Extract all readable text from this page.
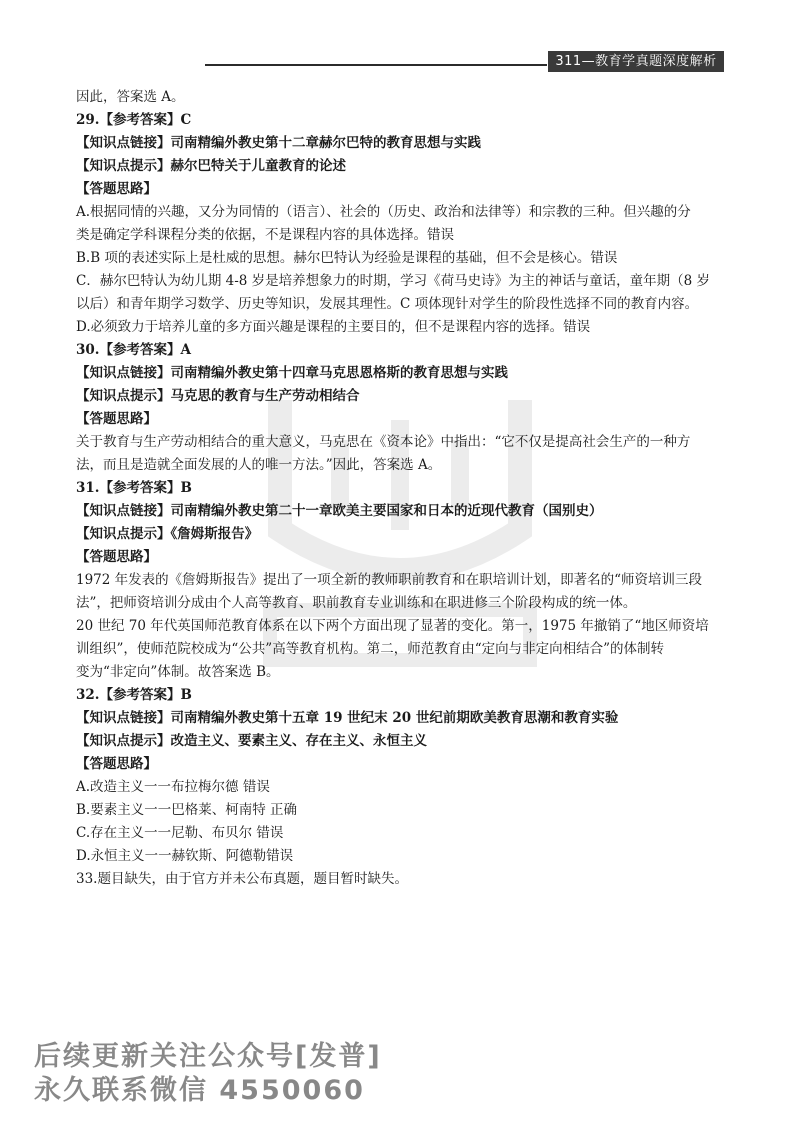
311—教育学真题深度解析
因此，答案选 A。
29.【参考答案】C
【知识点链接】司南精编外教史第十二章赫尔巴特的教育思想与实践
【知识点提示】赫尔巴特关于儿童教育的论述
【答题思路】
A.根据同情的兴趣，又分为同情的（语言）、社会的（历史、政治和法律等）和宗教的三种。但兴趣的分
类是确定学科课程分类的依据，不是课程内容的具体选择。错误
B.B 项的表述实际上是杜威的思想。赫尔巴特认为经验是课程的基础，但不会是核心。错误
C．赫尔巴特认为幼儿期 4-8 岁是培养想象力的时期，学习《荷马史诗》为主的神话与童话，童年期（8 岁
以后）和青年期学习数学、历史等知识，发展其理性。C 项体现针对学生的阶段性选择不同的教育内容。
D.必须致力于培养儿童的多方面兴趣是课程的主要目的，但不是课程内容的选择。错误
30.【参考答案】A
【知识点链接】司南精编外教史第十四章马克思恩格斯的教育思想与实践
【知识点提示】马克思的教育与生产劳动相结合
【答题思路】
关于教育与生产劳动相结合的重大意义，马克思在《资本论》中指出：“它不仅是提高社会生产的一种方
法，而且是造就全面发展的人的唯一方法。”因此，答案选 A。
31.【参考答案】B
【知识点链接】司南精编外教史第二十一章欧美主要国家和日本的近现代教育（国别史）
【知识点提示】《詹姆斯报告》
【答题思路】
1972 年发表的《詹姆斯报告》提出了一项全新的教师职前教育和在职培训计划，即著名的“师资培训三段
法”，把师资培训分成由个人高等教育、职前教育专业训练和在职进修三个阶段构成的统一体。
20 世纪 70 年代英国师范教育体系在以下两个方面出现了显著的变化。第一，1975 年撤销了“地区师资培
训组织”，使师范院校成为“公共”高等教育机构。第二，师范教育由“定向与非定向相结合”的体制转
变为“非定向”体制。故答案选 B。
32.【参考答案】B
【知识点链接】司南精编外教史第十五章 19 世纪末 20 世纪前期欧美教育思潮和教育实验
【知识点提示】改造主义、要素主义、存在主义、永恒主义
【答题思路】
A.改造主义一一布拉梅尔德 错误
B.要素主义一一巴格莱、柯南特 正确
C.存在主义一一尼勒、布贝尔 错误
D.永恒主义一一赫钦斯、阿德勒错误
33.题目缺失，由于官方并未公布真题，题目暂时缺失。
后续更新关注公众号[发普]
永久联系微信 4550060
